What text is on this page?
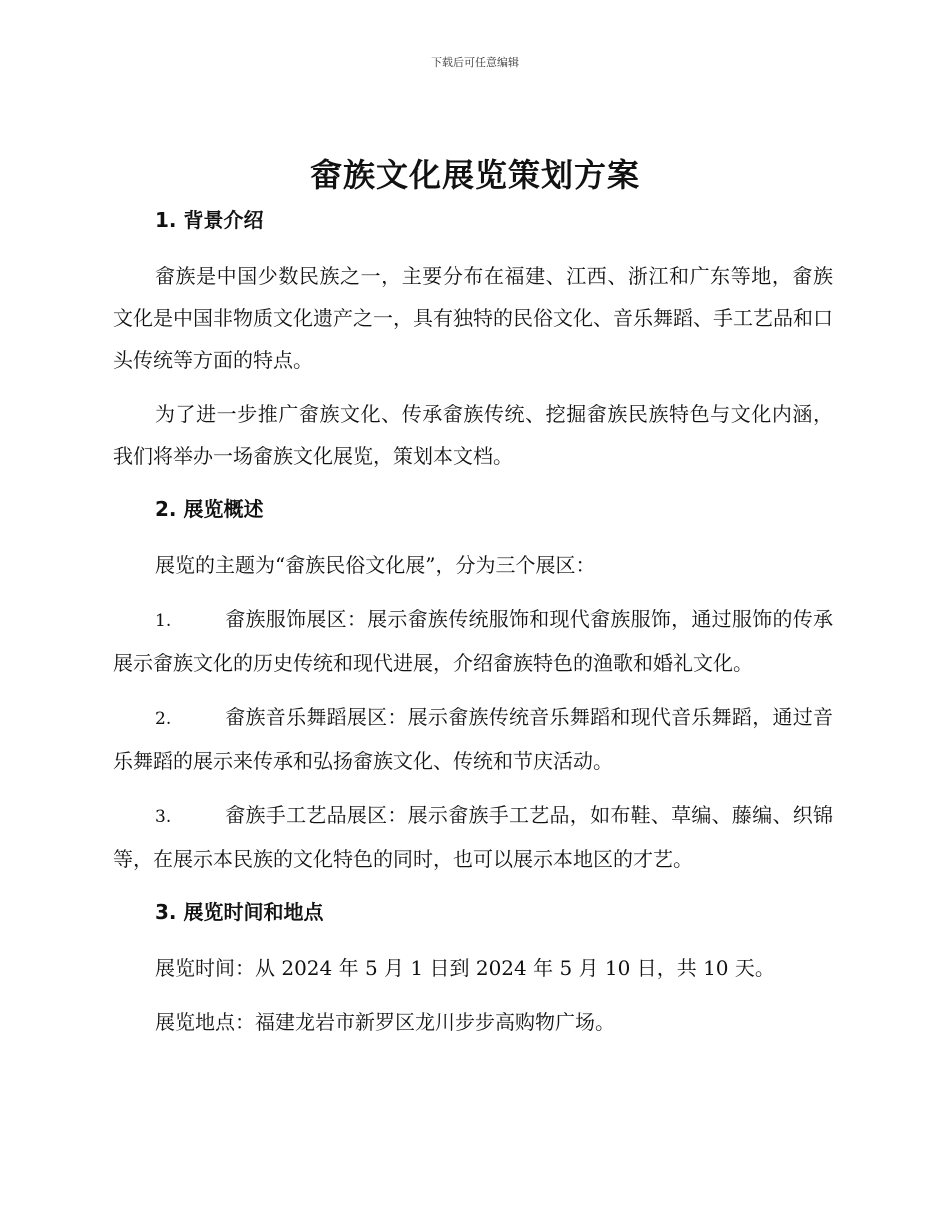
下载后可任意编辑
畲族文化展览策划方案

1. 背景介绍

畲族是中国少数民族之一，主要分布在福建、江西、浙江和广东等地，畲族文化是中国非物质文化遗产之一，具有独特的民俗文化、音乐舞蹈、手工艺品和口头传统等方面的特点。

为了进一步推广畲族文化、传承畲族传统、挖掘畲族民族特色与文化内涵，我们将举办一场畲族文化展览，策划本文档。

2. 展览概述

展览的主题为“畲族民俗文化展”，分为三个展区：

1.	畲族服饰展区：展示畲族传统服饰和现代畲族服饰，通过服饰的传承展示畲族文化的历史传统和现代进展，介绍畲族特色的渔歌和婚礼文化。

2.	畲族音乐舞蹈展区：展示畲族传统音乐舞蹈和现代音乐舞蹈，通过音乐舞蹈的展示来传承和弘扬畲族文化、传统和节庆活动。

3.	畲族手工艺品展区：展示畲族手工艺品，如布鞋、草编、藤编、织锦等，在展示本民族的文化特色的同时，也可以展示本地区的才艺。

3. 展览时间和地点

展览时间：从 2024 年 5 月 1 日到 2024 年 5 月 10 日，共 10 天。

展览地点：福建龙岩市新罗区龙川步步高购物广场。
